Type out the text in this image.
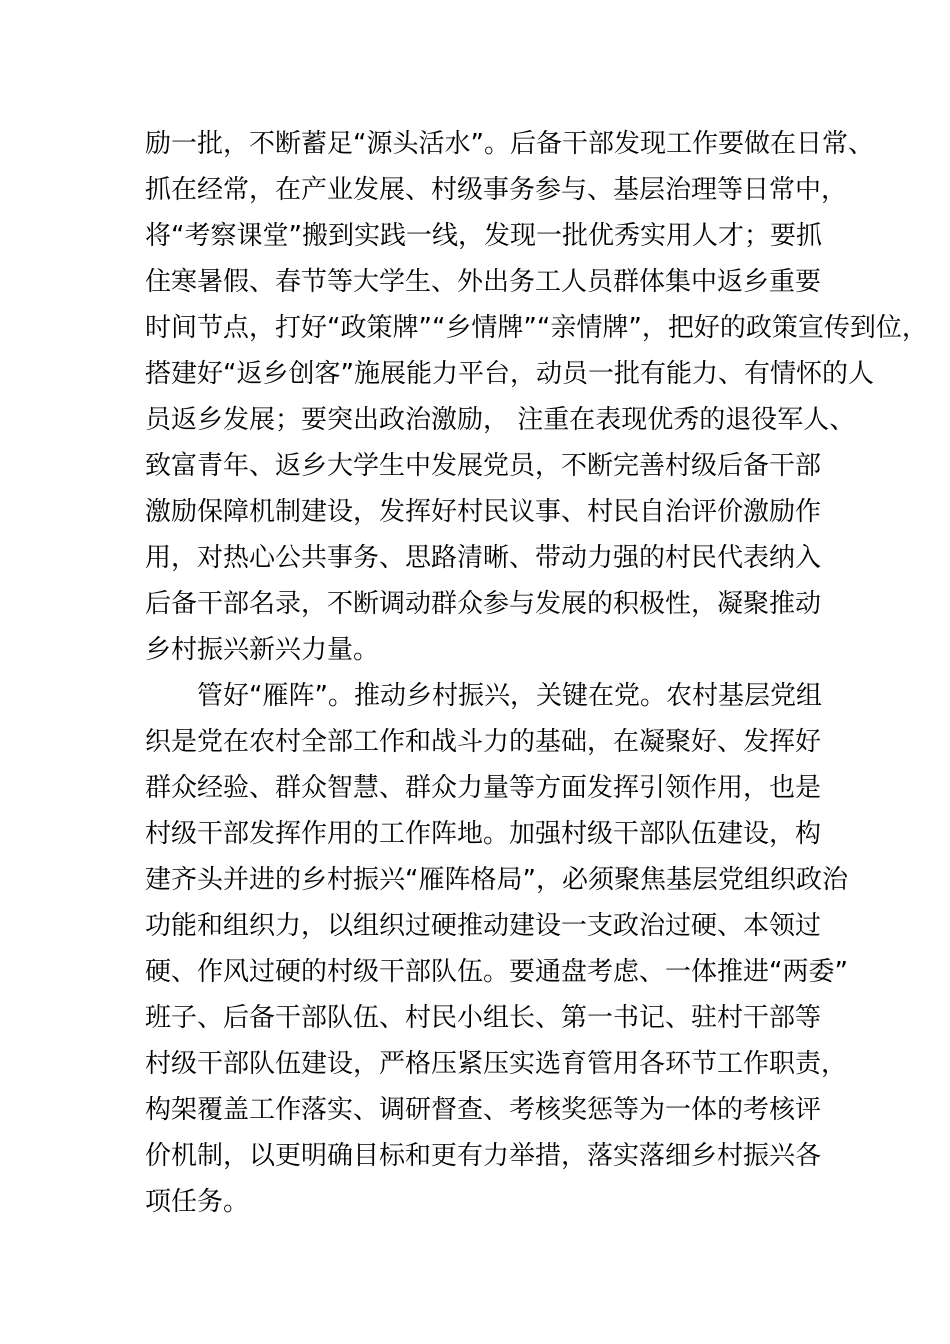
励一批，不断蓄足“源头活水”。后备干部发现工作要做在日常、
抓在经常，在产业发展、村级事务参与、基层治理等日常中，
将“考察课堂”搬到实践一线，发现一批优秀实用人才；要抓
住寒暑假、春节等大学生、外出务工人员群体集中返乡重要
时间节点，打好“政策牌”“乡情牌”“亲情牌”，把好的政策宣传到位，
搭建好“返乡创客”施展能力平台，动员一批有能力、有情怀的人
员返乡发展；要突出政治激励， 注重在表现优秀的退役军人、
致富青年、返乡大学生中发展党员，不断完善村级后备干部
激励保障机制建设，发挥好村民议事、村民自治评价激励作
用，对热心公共事务、思路清晰、带动力强的村民代表纳入
后备干部名录，不断调动群众参与发展的积极性，凝聚推动
乡村振兴新兴力量。
管好“雁阵”。推动乡村振兴，关键在党。农村基层党组
织是党在农村全部工作和战斗力的基础，在凝聚好、发挥好
群众经验、群众智慧、群众力量等方面发挥引领作用，也是
村级干部发挥作用的工作阵地。加强村级干部队伍建设，构
建齐头并进的乡村振兴“雁阵格局”，必须聚焦基层党组织政治
功能和组织力，以组织过硬推动建设一支政治过硬、本领过
硬、作风过硬的村级干部队伍。要通盘考虑、一体推进“两委”
班子、后备干部队伍、村民小组长、第一书记、驻村干部等
村级干部队伍建设，严格压紧压实选育管用各环节工作职责，
构架覆盖工作落实、调研督查、考核奖惩等为一体的考核评
价机制，以更明确目标和更有力举措，落实落细乡村振兴各
项任务。
